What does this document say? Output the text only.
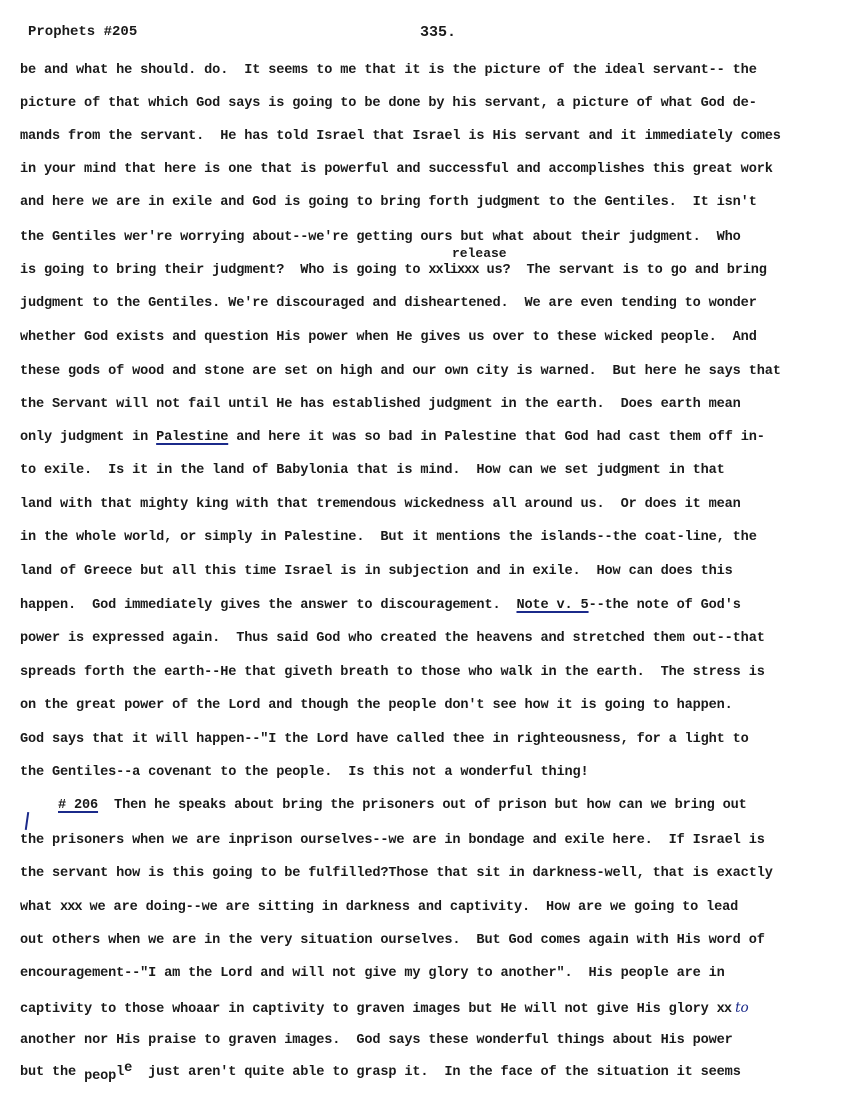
Prophets #205	335.
release
be and what he should. do.  It seems to me that it is the picture of the ideal servant-- the
picture of that which God says is going to be done by his servant, a picture of what God de-
mands from the servant.  He has told Israel that Israel is His servant and it immediately comes
in your mind that here is one that is powerful and successful and accomplishes this great work
and here we are in exile and God is going to bring forth judgment to the Gentiles.  It isn't
the Gentiles wer're worrying about--we're getting ours but what about their judgment.  Who
is going to bring their judgment?  Who is going to xxlixxx us?  The servant is to go and bring
judgment to the Gentiles. We're discouraged and disheartened.  We are even tending to wonder
whether God exists and question His power when He gives us over to these wicked people.  And
these gods of wood and stone are set on high and our own city is warned.  But here he says that
the Servant will not fail until He has established judgment in the earth.  Does earth mean
only judgment in Palestine and here it was so bad in Palestine that God had cast them off in-
to exile.  Is it in the land of Babylonia that is mind.  How can we set judgment in that
land with that mighty king with that tremendous wickedness all around us.  Or does it mean
in the whole world, or simply in Palestine.  But it mentions the islands--the coat-line, the
land of Greece but all this time Israel is in subjection and in exile.  How can does this
happen.  God immediately gives the answer to discouragement.  Note v. 5--the note of God's
power is expressed again.  Thus said God who created the heavens and stretched them out--that
spreads forth the earth--He that giveth breath to those who walk in the earth.  The stress is
on the great power of the Lord and though the people don't see how it is going to happen.
God says that it will happen--"I the Lord have called thee in righteousness, for a light to
the Gentiles--a covenant to the people.  Is this not a wonderful thing!
# 206  Then he speaks about bring the prisoners out of prison but how can we bring out
the prisoners when we are inprison ourselves--we are in bondage and exile here.  If Israel is
the servant how is this going to be fulfilled?Those that sit in darkness-well, that is exactly
what xxx we are doing--we are sitting in darkness and captivity.  How are we going to lead
out others when we are in the very situation ourselves.  But God comes again with His word of
encouragement--"I am the Lord and will not give my glory to another".  His people are in
captivity to those whoaar in captivity to graven images but He will not give His glory xx to
another nor His praise to graven images.  God says these wonderful things about His power
but the people  just aren't quite able to grasp it.  In the face of the situation it seems
